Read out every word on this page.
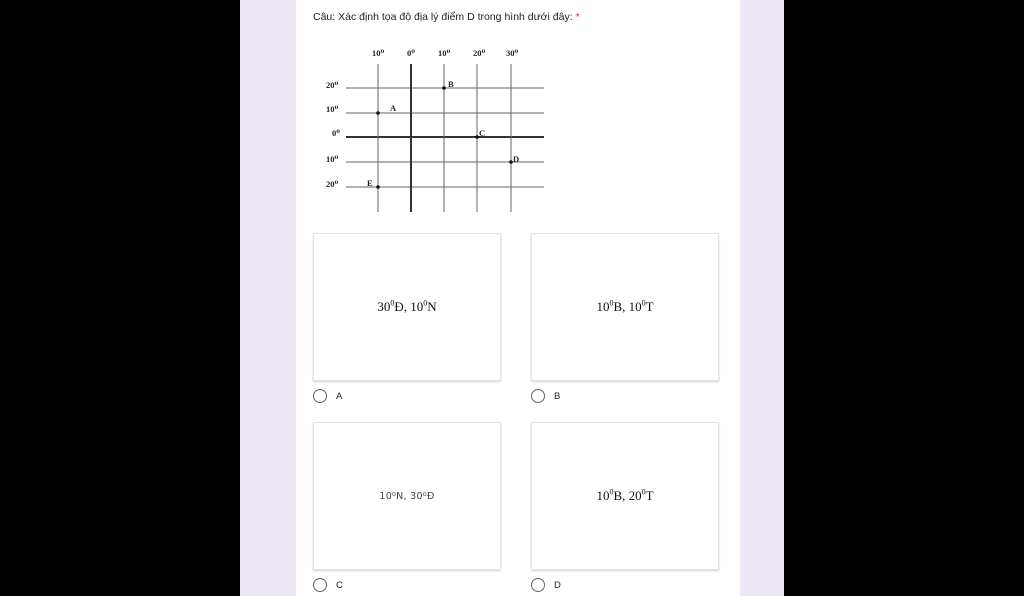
Câu: Xác định tọa độ địa lý điểm D trong hình dưới đây: *
10⁰	0⁰	10⁰	20⁰ 30⁰
20⁰
10⁰
0⁰
10⁰
20⁰
A
B
C
D
E
$30^0Đ$, $10^0N$
A
$10^0B$, $10^0T$
B
10⁰N, 30⁰Đ
C
$10^0B$, $20^0T$
D
